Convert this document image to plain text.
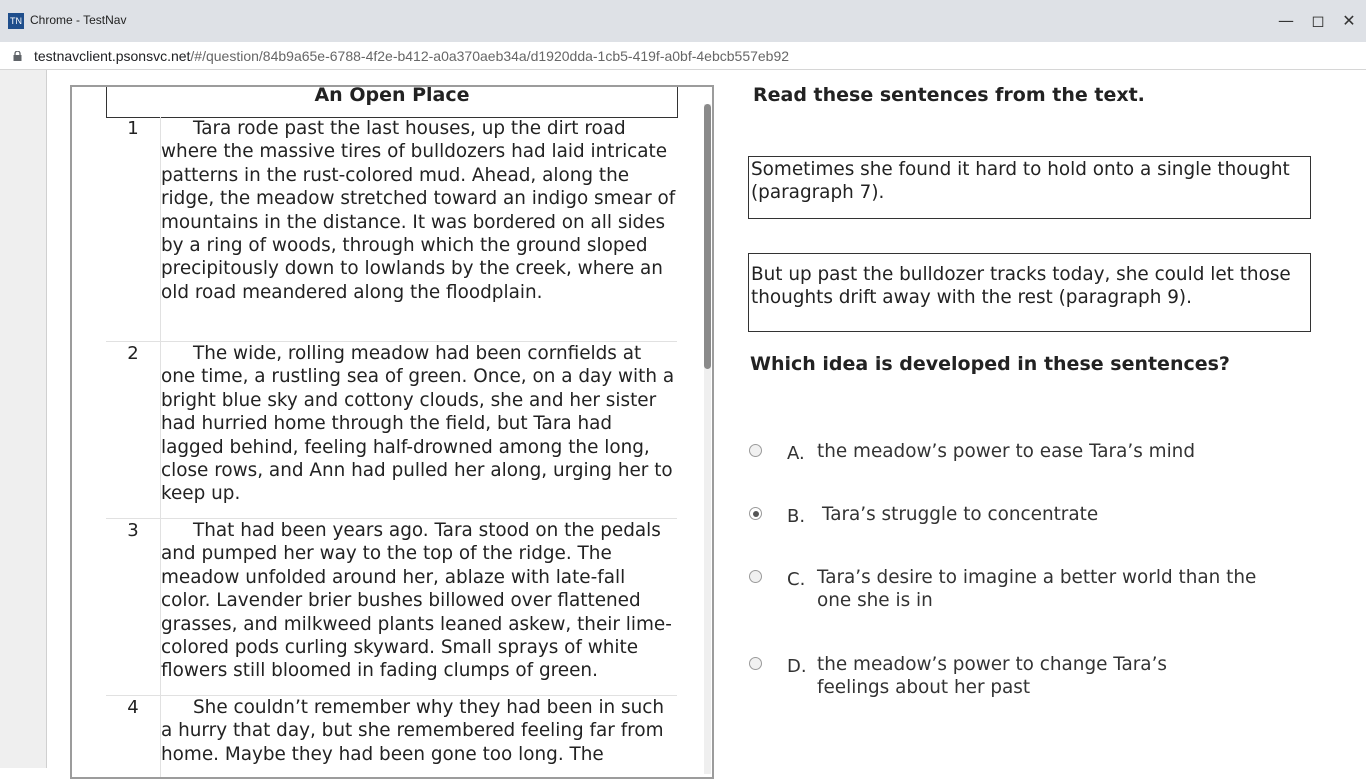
TN Chrome - TestNav	—	◻	✕
testnavclient.psonsvc.net/#/question/84b9a65e-6788-4f2e-b412-a0a370aeb34a/d1920dda-1cb5-419f-a0bf-4ebcb557eb92
An Open Place
1	Tara rode past the last houses, up the dirt road where the massive tires of bulldozers had laid intricate patterns in the rust-colored mud. Ahead, along the ridge, the meadow stretched toward an indigo smear of mountains in the distance. It was bordered on all sides by a ring of woods, through which the ground sloped precipitously down to lowlands by the creek, where an old road meandered along the floodplain.

2	The wide, rolling meadow had been cornfields at one time, a rustling sea of green. Once, on a day with a bright blue sky and cottony clouds, she and her sister had hurried home through the field, but Tara had lagged behind, feeling half-drowned among the long, close rows, and Ann had pulled her along, urging her to keep up.

3	That had been years ago. Tara stood on the pedals and pumped her way to the top of the ridge. The meadow unfolded around her, ablaze with late-fall color. Lavender brier bushes billowed over flattened grasses, and milkweed plants leaned askew, their lime-colored pods curling skyward. Small sprays of white flowers still bloomed in fading clumps of green.

4	She couldn’t remember why they had been in such a hurry that day, but she remembered feeling far from home. Maybe they had been gone too long. The

Read these sentences from the text.
Sometimes she found it hard to hold onto a single thought (paragraph 7).
But up past the bulldozer tracks today, she could let those thoughts drift away with the rest (paragraph 9).
Which idea is developed in these sentences?
A. the meadow’s power to ease Tara’s mind
B. Tara’s struggle to concentrate
C. Tara’s desire to imagine a better world than the one she is in
D. the meadow’s power to change Tara’s feelings about her past
